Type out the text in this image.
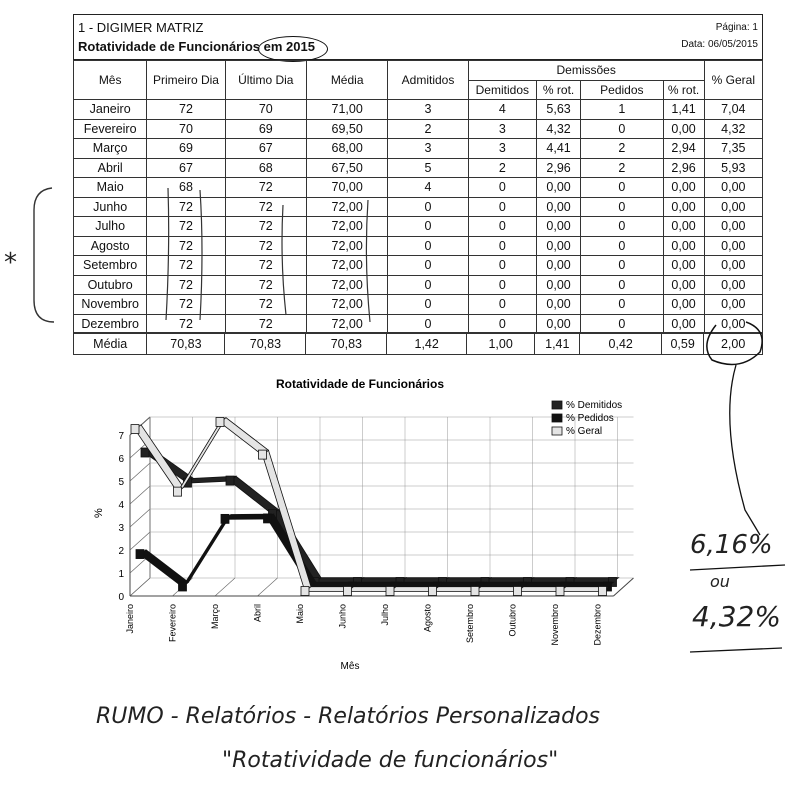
1 - DIGIMER MATRIZ
Rotatividade de Funcionários em 2015
Página: 1
Data: 06/05/2015
Mês	Primeiro Dia	Último Dia	Média	Admitidos	Demissões				% Geral
					Demitidos	% rot.	Pedidos	% rot.	
Janeiro	72	70	71,00	3	4	5,63	1	1,41	7,04
Fevereiro	70	69	69,50	2	3	4,32	0	0,00	4,32
Março	69	67	68,00	3	3	4,41	2	2,94	7,35
Abril	67	68	67,50	5	2	2,96	2	2,96	5,93
Maio	68	72	70,00	4	0	0,00	0	0,00	0,00
Junho	72	72	72,00	0	0	0,00	0	0,00	0,00
Julho	72	72	72,00	0	0	0,00	0	0,00	0,00
Agosto	72	72	72,00	0	0	0,00	0	0,00	0,00
Setembro	72	72	72,00	0	0	0,00	0	0,00	0,00
Outubro	72	72	72,00	0	0	0,00	0	0,00	0,00
Novembro	72	72	72,00	0	0	0,00	0	0,00	0,00
Dezembro	72	72	72,00	0	0	0,00	0	0,00	0,00
Média	70,83	70,83	70,83	1,42	1,00	1,41	0,42	0,59	2,00
Rotatividade de Funcionários
0
1
2
3
4
5
6
7
%
Janeiro	Fevereiro	Março	Abril	Maio	Junho	Julho	Agosto	Setembro	Outubro	Novembro	Dezembro
Mês
% Demitidos
% Pedidos
% Geral
*
6,16%
ou
4,32%
RUMO - Relatórios - Relatórios Personalizados
"Rotatividade de funcionários"
